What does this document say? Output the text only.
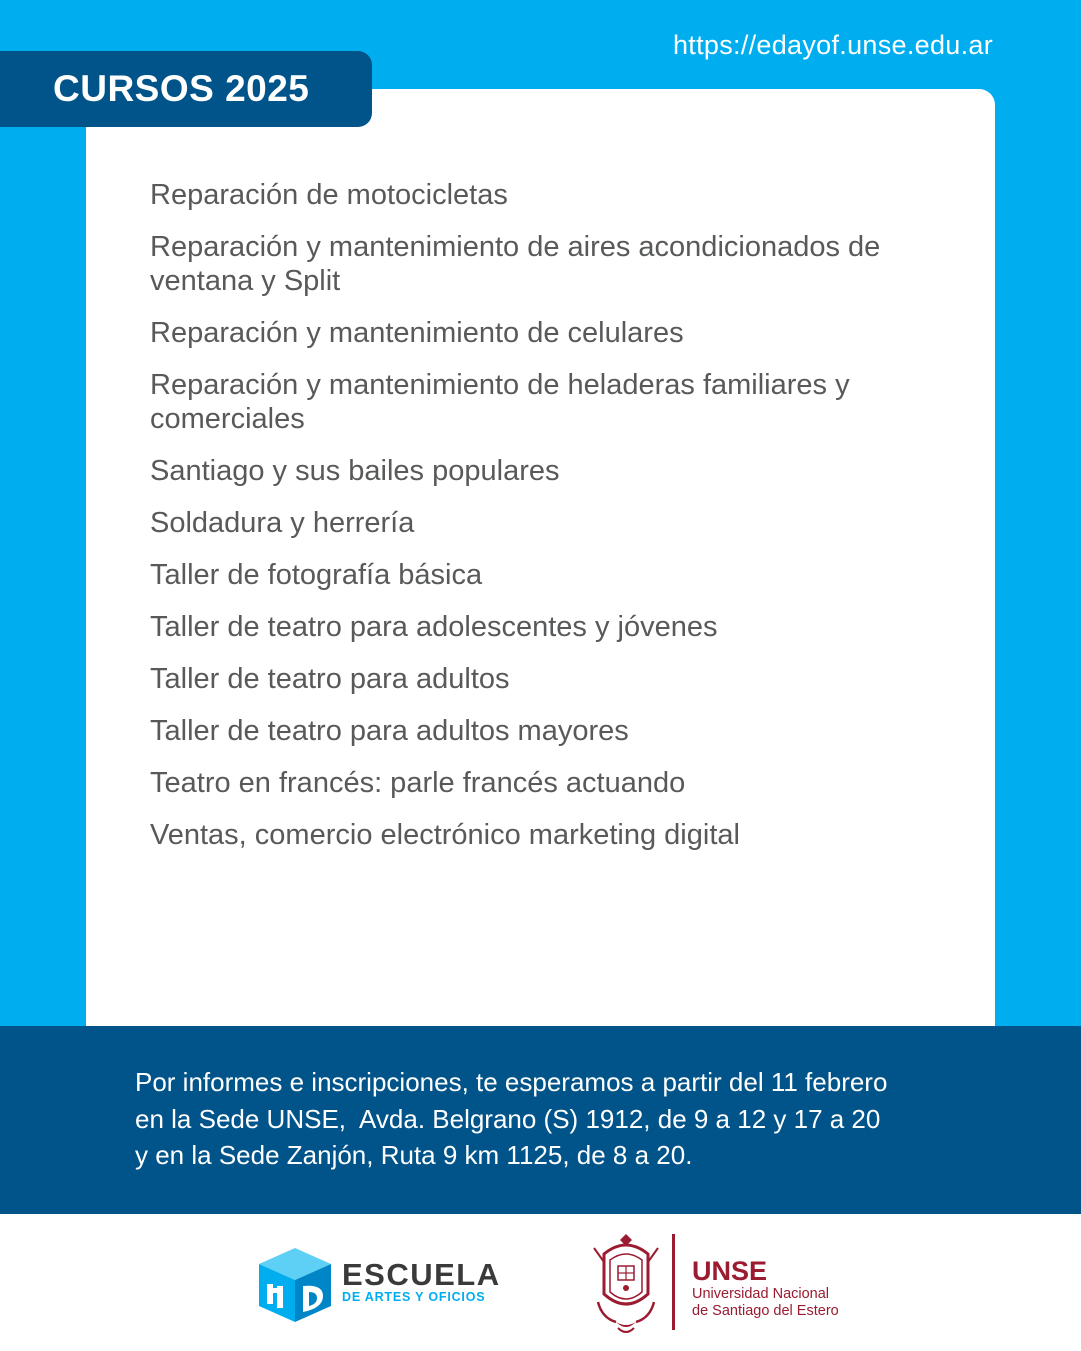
https://edayof.unse.edu.ar
CURSOS 2025
Reparación de motocicletas
Reparación y mantenimiento de aires acondicionados de ventana y Split
Reparación y mantenimiento de celulares
Reparación y mantenimiento de heladeras familiares y comerciales
Santiago y sus bailes populares
Soldadura y herrería
Taller de fotografía básica
Taller de teatro para adolescentes y jóvenes
Taller de teatro para adultos
Taller de teatro para adultos mayores
Teatro en francés: parle francés actuando
Ventas, comercio electrónico marketing digital
Por informes e inscripciones, te esperamos a partir del 11 febrero
en la Sede UNSE,  Avda. Belgrano (S) 1912, de 9 a 12 y 17 a 20
y en la Sede Zanjón, Ruta 9 km 1125, de 8 a 20.
ESCUELA
DE ARTES Y OFICIOS
UNSE
Universidad Nacional
de Santiago del Estero
